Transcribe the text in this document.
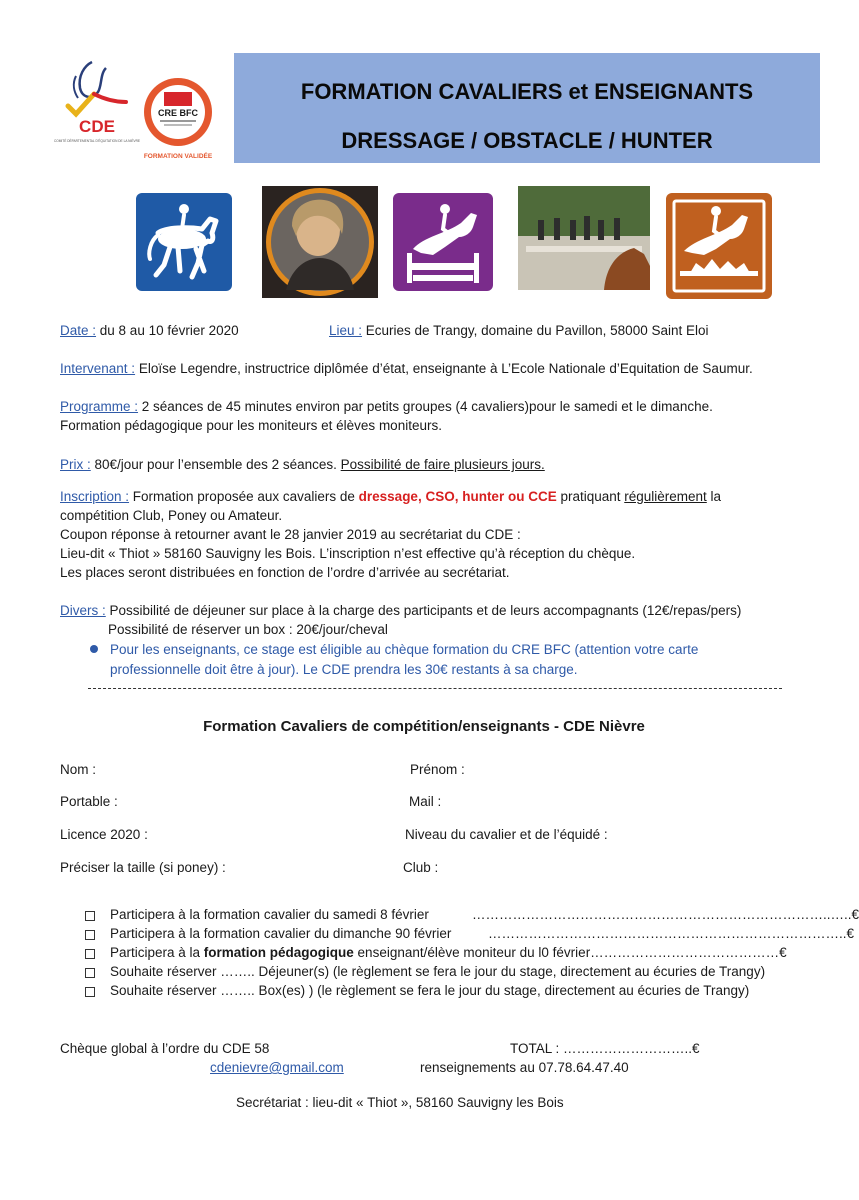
CDE
COMITÉ DÉPARTEMENTAL D'ÉQUITATION DE LA NIÈVRE
CRE BFC
FORMATION VALIDÉE
FORMATION CAVALIERS et ENSEIGNANTS
DRESSAGE / OBSTACLE / HUNTER
Date : du 8 au 10 février 2020	Lieu : Ecuries de Trangy, domaine du Pavillon, 58000 Saint Eloi
Intervenant : Eloïse Legendre, instructrice diplômée d’état, enseignante à L’Ecole Nationale d’Equitation de Saumur.
Programme : 2 séances de 45 minutes environ par petits groupes (4 cavaliers)pour le samedi et le dimanche.
Formation pédagogique pour les moniteurs et élèves moniteurs.
Prix : 80€/jour pour l’ensemble des 2 séances. Possibilité de faire plusieurs jours.
Inscription : Formation proposée aux cavaliers de dressage, CSO, hunter ou CCE pratiquant régulièrement la
compétition Club, Poney ou Amateur.
Coupon réponse à retourner avant le 28 janvier 2019 au secrétariat du CDE :
Lieu-dit « Thiot » 58160 Sauvigny les Bois. L’inscription n’est effective qu’à réception du chèque.
Les places seront distribuées en fonction de l’ordre d’arrivée au secrétariat.
Divers : Possibilité de déjeuner sur place à la charge des participants et de leurs accompagnants (12€/repas/pers)
Possibilité de réserver un box : 20€/jour/cheval
Pour les enseignants, ce stage est éligible au chèque formation du CRE BFC (attention votre carte
professionnelle doit être à jour). Le CDE prendra les 30€ restants à sa charge.
Formation Cavaliers de compétition/enseignants - CDE Nièvre
Nom :	Prénom :
Portable :	Mail :
Licence 2020 :	Niveau du cavalier et de l’équidé :
Préciser la taille (si poney) :	Club :
Participera à la formation cavalier du samedi 8 février	……………………………………………………………………..…..€
Participera à la formation cavalier du dimanche 90 février	……………………………………………………………………..€
Participera à la formation pédagogique enseignant/élève moniteur du l0 février……………………………………€
Souhaite réserver …….. Déjeuner(s) (le règlement se fera le jour du stage, directement au écuries de Trangy)
Souhaite réserver …….. Box(es) ) (le règlement se fera le jour du stage, directement au écuries de Trangy)
Chèque global à l’ordre du CDE 58	TOTAL : ………………………..€
cdenievre@gmail.com	renseignements au 07.78.64.47.40
Secrétariat : lieu-dit « Thiot », 58160 Sauvigny les Bois
